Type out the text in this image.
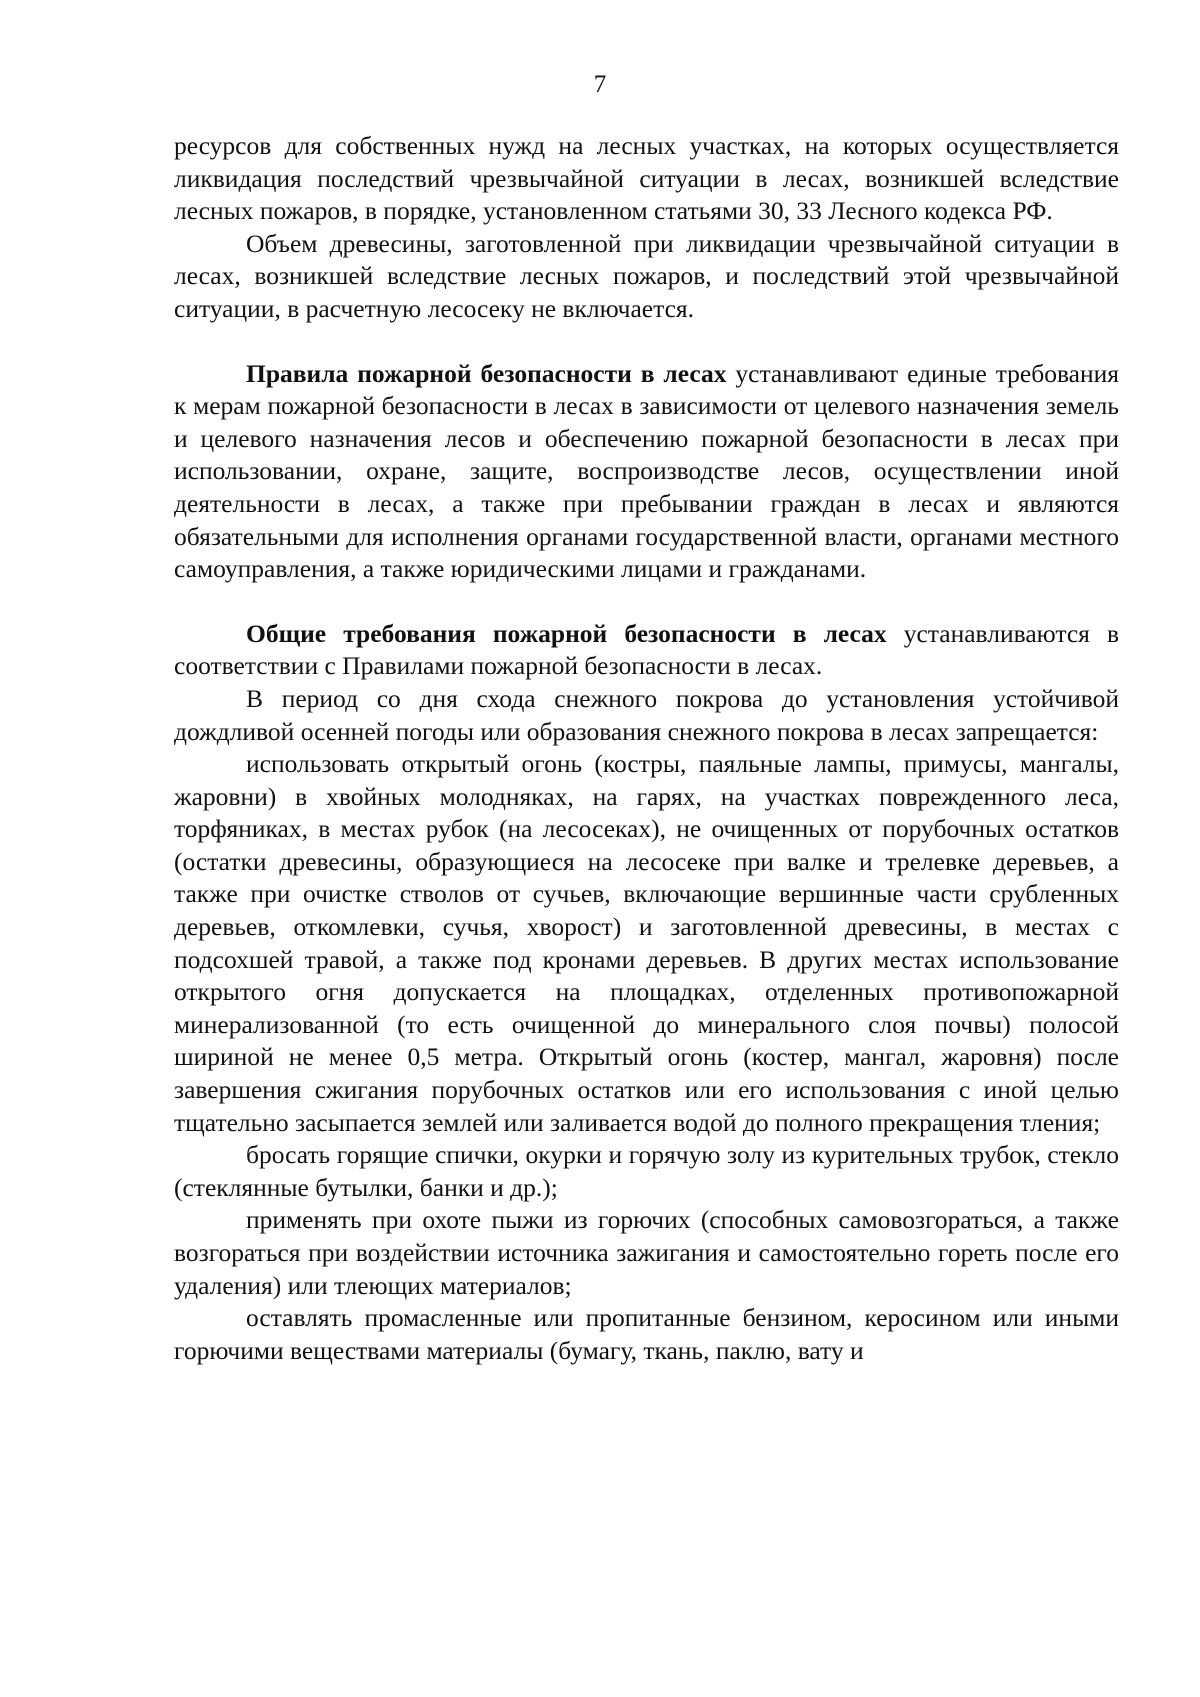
7

ресурсов для собственных нужд на лесных участках, на которых осуществляется ликвидация последствий чрезвычайной ситуации в лесах, возникшей вследствие лесных пожаров, в порядке, установленном статьями 30, 33 Лесного кодекса РФ.

Объем древесины, заготовленной при ликвидации чрезвычайной ситуации в лесах, возникшей вследствие лесных пожаров, и последствий этой чрезвычайной ситуации, в расчетную лесосеку не включается.

Правила пожарной безопасности в лесах устанавливают единые требования к мерам пожарной безопасности в лесах в зависимости от целевого назначения земель и целевого назначения лесов и обеспечению пожарной безопасности в лесах при использовании, охране, защите, воспроизводстве лесов, осуществлении иной деятельности в лесах, а также при пребывании граждан в лесах и являются обязательными для исполнения органами государственной власти, органами местного самоуправления, а также юридическими лицами и гражданами.

Общие требования пожарной безопасности в лесах устанавливаются в соответствии с Правилами пожарной безопасности в лесах.

В период со дня схода снежного покрова до установления устойчивой дождливой осенней погоды или образования снежного покрова в лесах запрещается:

использовать открытый огонь (костры, паяльные лампы, примусы, мангалы, жаровни) в хвойных молодняках, на гарях, на участках поврежденного леса, торфяниках, в местах рубок (на лесосеках), не очищенных от порубочных остатков (остатки древесины, образующиеся на лесосеке при валке и трелевке деревьев, а также при очистке стволов от сучьев, включающие вершинные части срубленных деревьев, откомлевки, сучья, хворост) и заготовленной древесины, в местах с подсохшей травой, а также под кронами деревьев. В других местах использование открытого огня допускается на площадках, отделенных противопожарной минерализованной (то есть очищенной до минерального слоя почвы) полосой шириной не менее 0,5 метра. Открытый огонь (костер, мангал, жаровня) после завершения сжигания порубочных остатков или его использования с иной целью тщательно засыпается землей или заливается водой до полного прекращения тления;

бросать горящие спички, окурки и горячую золу из курительных трубок, стекло (стеклянные бутылки, банки и др.);

применять при охоте пыжи из горючих (способных самовозгораться, а также возгораться при воздействии источника зажигания и самостоятельно гореть после его удаления) или тлеющих материалов;

оставлять промасленные или пропитанные бензином, керосином или иными горючими веществами материалы (бумагу, ткань, паклю, вату и
